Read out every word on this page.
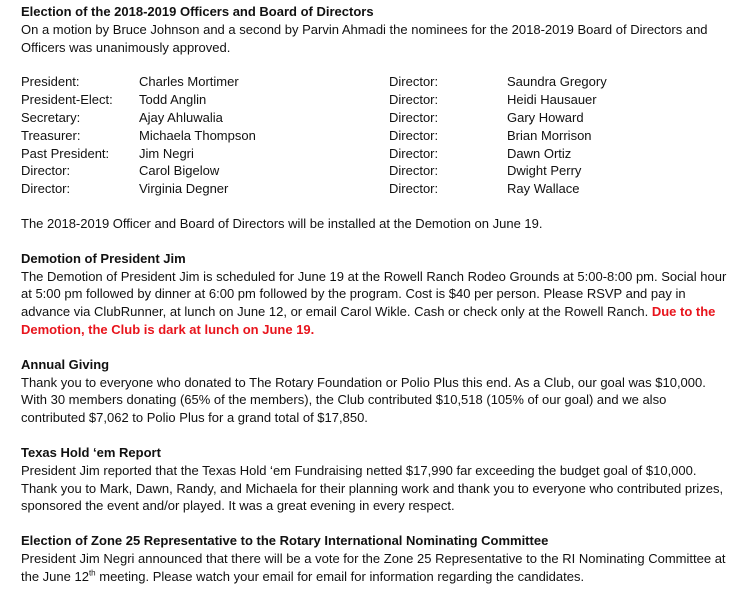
Election of the 2018-2019 Officers and Board of Directors

On a motion by Bruce Johnson and a second by Parvin Ahmadi the nominees for the 2018-2019 Board of Directors and Officers was unanimously approved.

President:	Charles Mortimer	Director:	Saundra Gregory
President-Elect:	Todd Anglin	Director:	Heidi Hausauer
Secretary:	Ajay Ahluwalia	Director:	Gary Howard
Treasurer:	Michaela Thompson	Director:	Brian Morrison
Past President:	Jim Negri	Director:	Dawn Ortiz
Director:	Carol Bigelow	Director:	Dwight Perry
Director:	Virginia Degner	Director:	Ray Wallace

The 2018-2019 Officer and Board of Directors will be installed at the Demotion on June 19.

Demotion of President Jim

The Demotion of President Jim is scheduled for June 19 at the Rowell Ranch Rodeo Grounds at 5:00-8:00 pm. Social hour at 5:00 pm followed by dinner at 6:00 pm followed by the program. Cost is $40 per person. Please RSVP and pay in advance via ClubRunner, at lunch on June 12, or email Carol Wikle. Cash or check only at the Rowell Ranch. Due to the Demotion, the Club is dark at lunch on June 19.

Annual Giving

Thank you to everyone who donated to The Rotary Foundation or Polio Plus this end. As a Club, our goal was $10,000. With 30 members donating (65% of the members), the Club contributed $10,518 (105% of our goal) and we also contributed $7,062 to Polio Plus for a grand total of $17,850.

Texas Hold ‘em Report

President Jim reported that the Texas Hold ‘em Fundraising netted $17,990 far exceeding the budget goal of $10,000. Thank you to Mark, Dawn, Randy, and Michaela for their planning work and thank you to everyone who contributed prizes, sponsored the event and/or played. It was a great evening in every respect.

Election of Zone 25 Representative to the Rotary International Nominating Committee

President Jim Negri announced that there will be a vote for the Zone 25 Representative to the RI Nominating Committee at the June 12th meeting. Please watch your email for email for information regarding the candidates.
